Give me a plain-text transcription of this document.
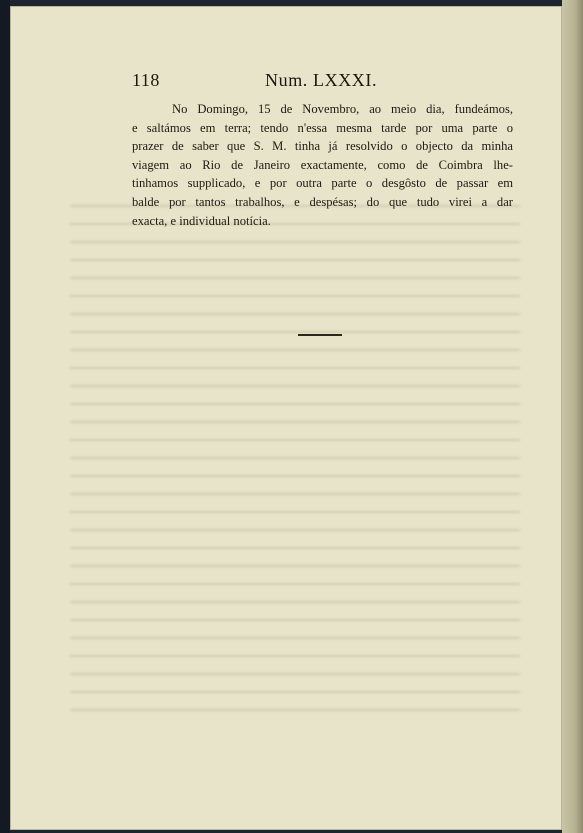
118	Num. LXXXI.
No Domingo, 15 de Novembro, ao meio dia, fundeámos,
e saltámos em terra; tendo n'essa mesma tarde por uma parte o
prazer de saber que S. M. tinha já resolvido o objecto da minha
viagem ao Rio de Janeiro exactamente, como de Coimbra lhe-
tinhamos supplicado, e por outra parte o desgôsto de passar em
balde por tantos trabalhos, e despésas; do que tudo virei a dar
exacta, e individual notícia.
